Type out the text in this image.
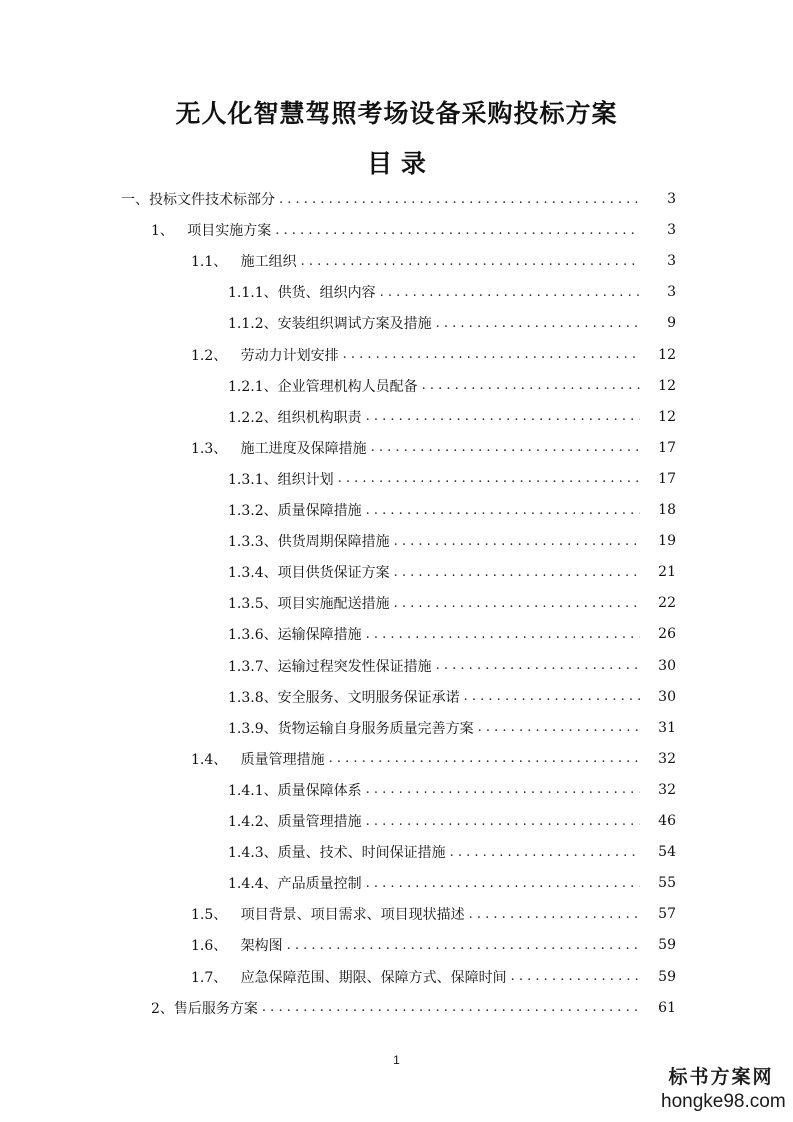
无人化智慧驾照考场设备采购投标方案
目 录
一、投标文件技术标部分 . . .	3
1、 项目实施方案 . . .	3
1.1、 施工组织 . . .	3
1.1.1、 供货、组织内容 . . .	3
1.1.2、 安装组织调试方案及措施 . . .	9
1.2、 劳动力计划安排 . . .	12
1.2.1、 企业管理机构人员配备 . . .	12
1.2.2、 组织机构职责 . . .	12
1.3、 施工进度及保障措施 . . .	17
1.3.1、 组织计划 . . .	17
1.3.2、 质量保障措施 . . .	18
1.3.3、 供货周期保障措施 . . .	19
1.3.4、 项目供货保证方案 . . .	21
1.3.5、 项目实施配送措施 . . .	22
1.3.6、 运输保障措施 . . .	26
1.3.7、 运输过程突发性保证措施 . . .	30
1.3.8、 安全服务、文明服务保证承诺 . . .	30
1.3.9、 货物运输自身服务质量完善方案 . . .	31
1.4、 质量管理措施 . . .	32
1.4.1、 质量保障体系 . . .	32
1.4.2、 质量管理措施 . . .	46
1.4.3、 质量、技术、时间保证措施 . . .	54
1.4.4、 产品质量控制 . . .	55
1.5、 项目背景、项目需求、项目现状描述 . . .	57
1.6、 架构图 . . .	59
1.7、 应急保障范围、期限、保障方式、保障时间 . . .	59
2、 售后服务方案 . . .	61
1
标书方案网
hongke98.com
